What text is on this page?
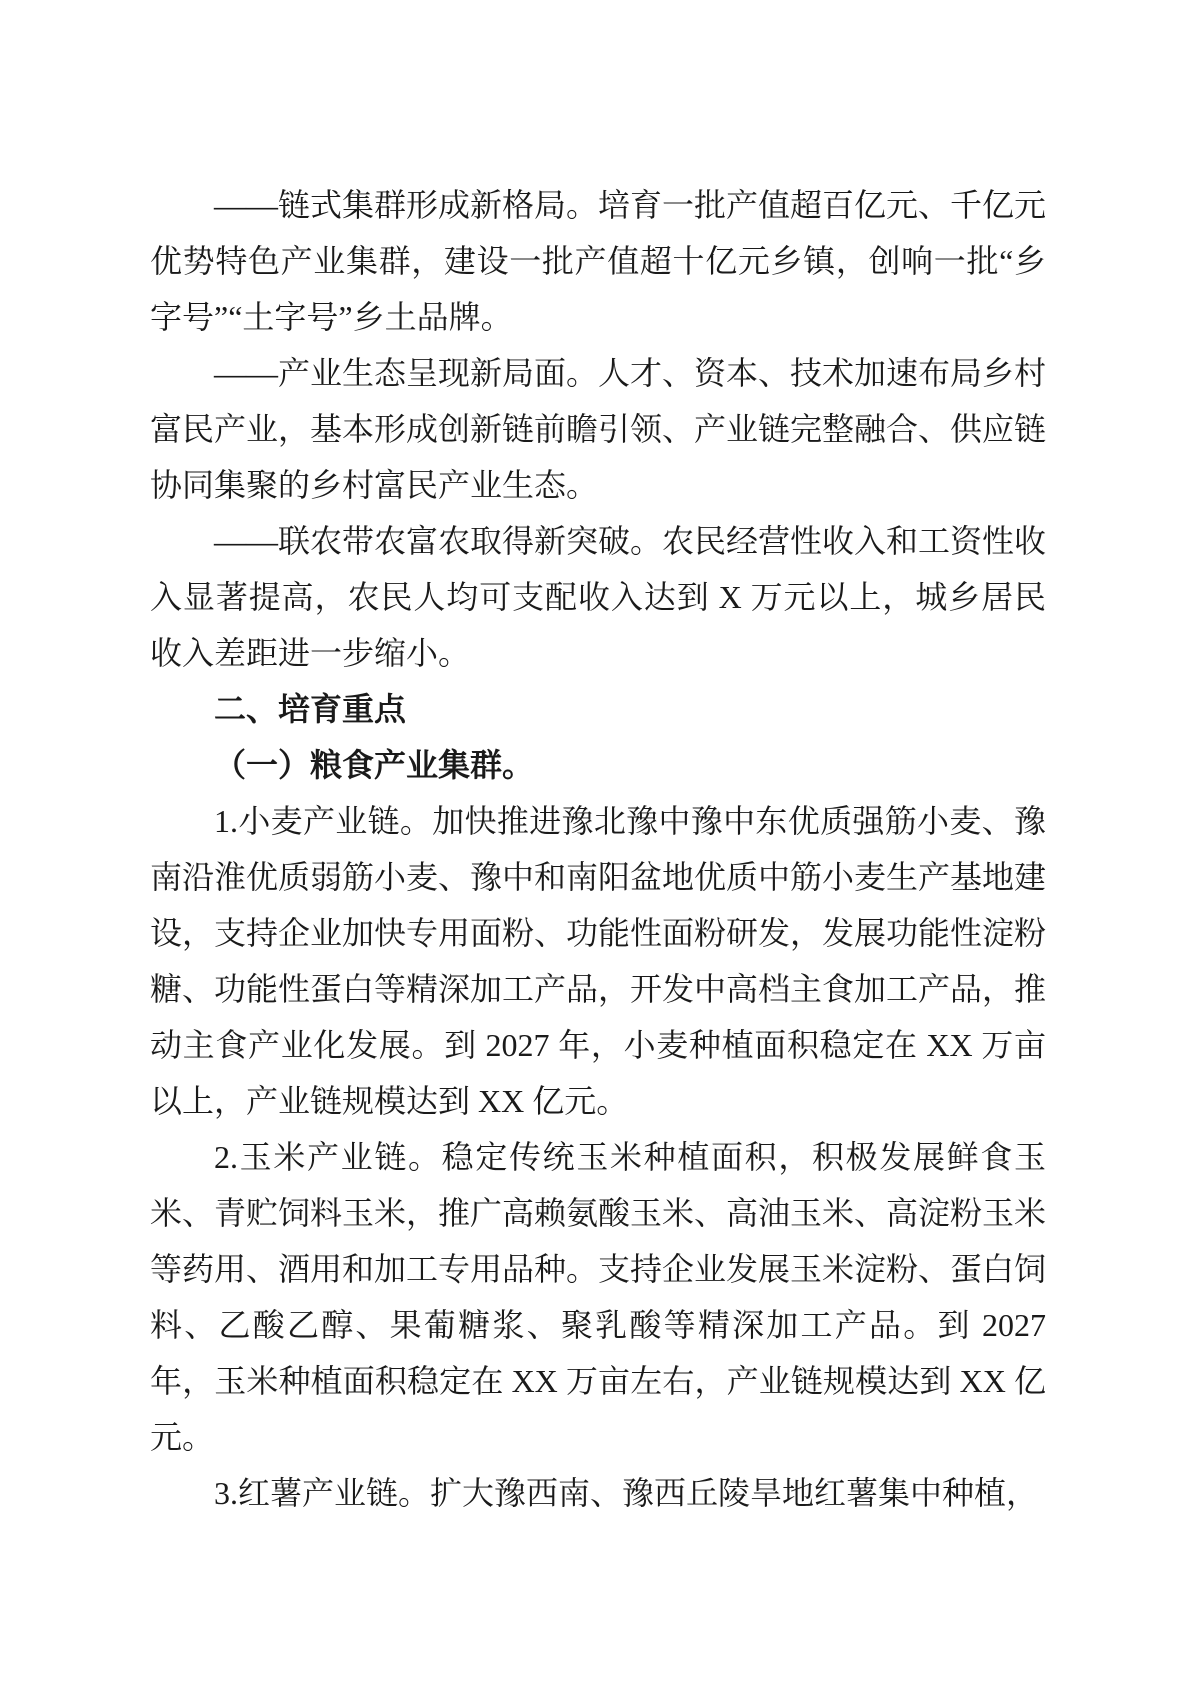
——链式集群形成新格局。培育一批产值超百亿元、千亿元优势特色产业集群，建设一批产值超十亿元乡镇，创响一批“乡字号”“土字号”乡土品牌。

——产业生态呈现新局面。人才、资本、技术加速布局乡村富民产业，基本形成创新链前瞻引领、产业链完整融合、供应链协同集聚的乡村富民产业生态。

——联农带农富农取得新突破。农民经营性收入和工资性收入显著提高，农民人均可支配收入达到 X 万元以上，城乡居民收入差距进一步缩小。

二、培育重点

（一）粮食产业集群。

1.小麦产业链。加快推进豫北豫中豫中东优质强筋小麦、豫南沿淮优质弱筋小麦、豫中和南阳盆地优质中筋小麦生产基地建设，支持企业加快专用面粉、功能性面粉研发，发展功能性淀粉糖、功能性蛋白等精深加工产品，开发中高档主食加工产品，推动主食产业化发展。到 2027 年，小麦种植面积稳定在 XX 万亩以上，产业链规模达到 XX 亿元。

2.玉米产业链。稳定传统玉米种植面积，积极发展鲜食玉米、青贮饲料玉米，推广高赖氨酸玉米、高油玉米、高淀粉玉米等药用、酒用和加工专用品种。支持企业发展玉米淀粉、蛋白饲料、乙酸乙醇、果葡糖浆、聚乳酸等精深加工产品。到 2027 年，玉米种植面积稳定在 XX 万亩左右，产业链规模达到 XX 亿元。

3.红薯产业链。扩大豫西南、豫西丘陵旱地红薯集中种植，
